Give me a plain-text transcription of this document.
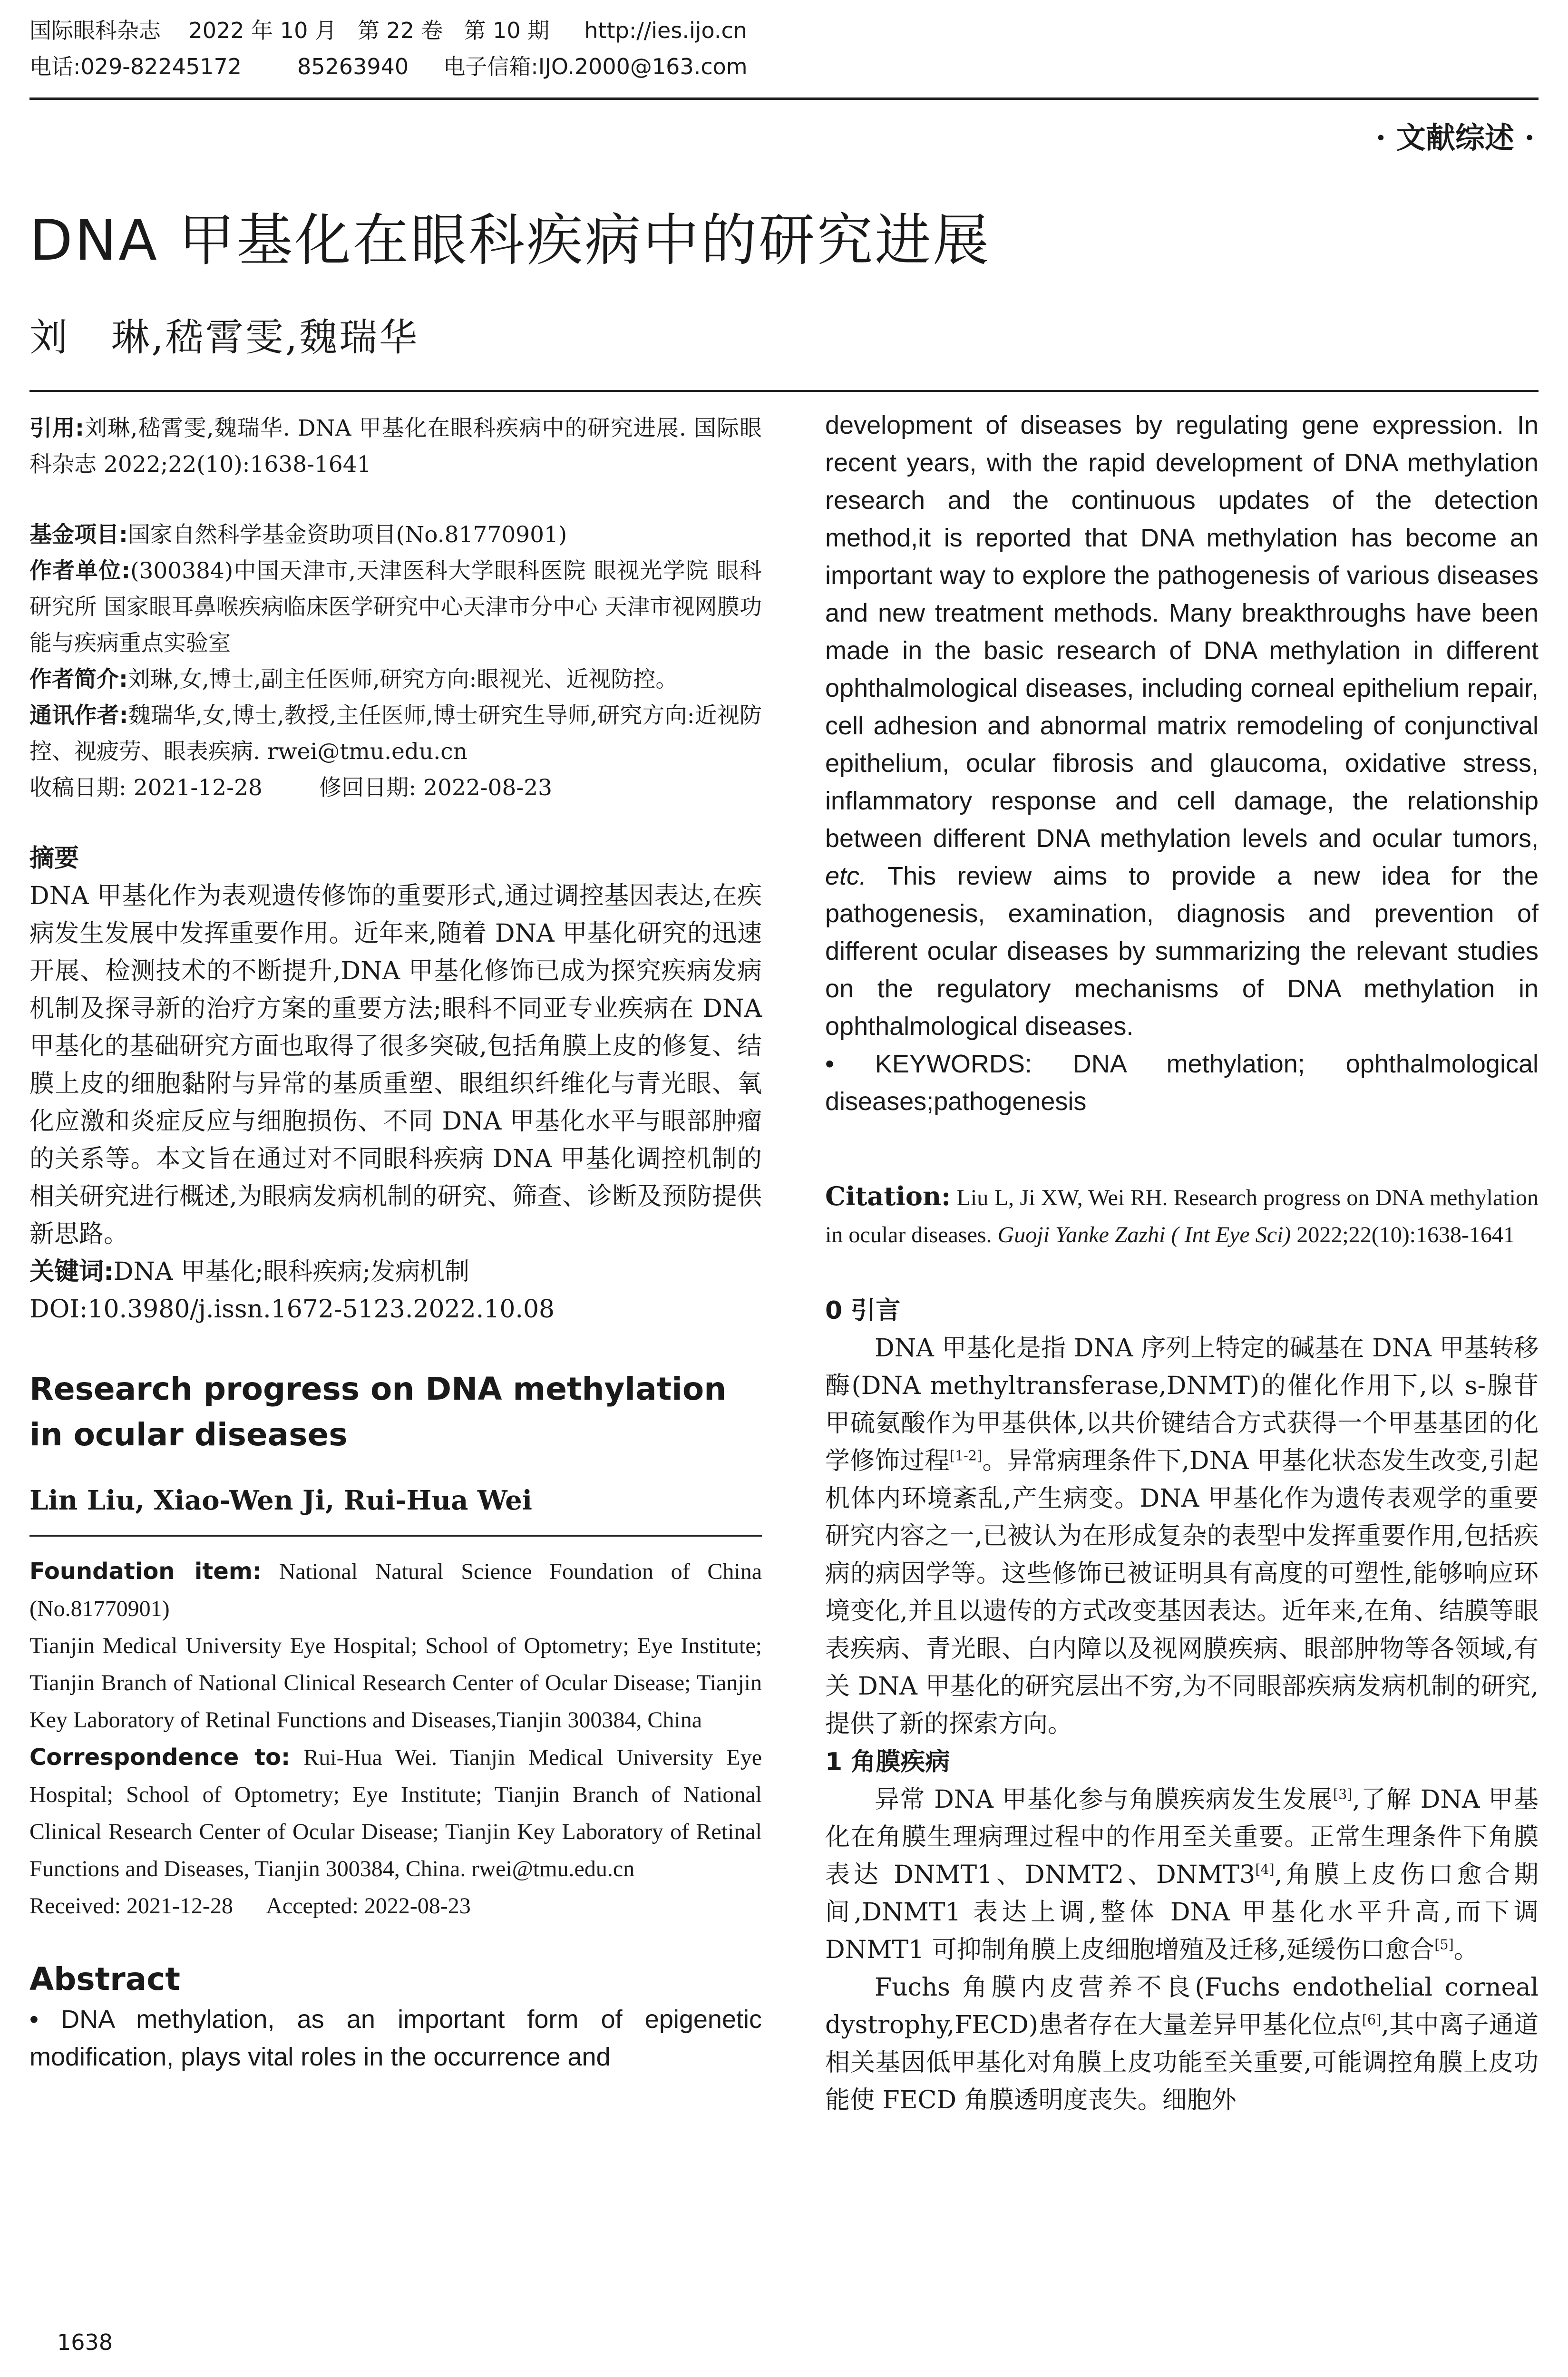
国际眼科杂志    2022 年 10 月   第 22 卷   第 10 期     http://ies.ijo.cn
电话:029-82245172        85263940     电子信箱:IJO.2000@163.com
· 文献综述 ·
DNA 甲基化在眼科疾病中的研究进展
刘   琳,嵇霄雯,魏瑞华

引用:刘琳,嵇霄雯,魏瑞华. DNA 甲基化在眼科疾病中的研究进展. 国际眼科杂志 2022;22(10):1638-1641

基金项目:国家自然科学基金资助项目(No.81770901)

作者单位:(300384)中国天津市,天津医科大学眼科医院 眼视光学院 眼科研究所 国家眼耳鼻喉疾病临床医学研究中心天津市分中心 天津市视网膜功能与疾病重点实验室

作者简介:刘琳,女,博士,副主任医师,研究方向:眼视光、近视防控。

通讯作者:魏瑞华,女,博士,教授,主任医师,博士研究生导师,研究方向:近视防控、视疲劳、眼表疾病. rwei@tmu.edu.cn

收稿日期: 2021-12-28        修回日期: 2022-08-23

摘要

DNA 甲基化作为表观遗传修饰的重要形式,通过调控基因表达,在疾病发生发展中发挥重要作用。近年来,随着 DNA 甲基化研究的迅速开展、检测技术的不断提升,DNA 甲基化修饰已成为探究疾病发病机制及探寻新的治疗方案的重要方法;眼科不同亚专业疾病在 DNA 甲基化的基础研究方面也取得了很多突破,包括角膜上皮的修复、结膜上皮的细胞黏附与异常的基质重塑、眼组织纤维化与青光眼、氧化应激和炎症反应与细胞损伤、不同 DNA 甲基化水平与眼部肿瘤的关系等。本文旨在通过对不同眼科疾病 DNA 甲基化调控机制的相关研究进行概述,为眼病发病机制的研究、筛查、诊断及预防提供新思路。

关键词:DNA 甲基化;眼科疾病;发病机制

DOI:10.3980/j.issn.1672-5123.2022.10.08

Research progress on DNA methylation in ocular diseases

Lin Liu, Xiao-Wen Ji, Rui-Hua Wei

Foundation item: National Natural Science Foundation of China (No.81770901)

Tianjin Medical University Eye Hospital; School of Optometry; Eye Institute; Tianjin Branch of National Clinical Research Center of Ocular Disease; Tianjin Key Laboratory of Retinal Functions and Diseases,Tianjin 300384, China

Correspondence to: Rui-Hua Wei. Tianjin Medical University Eye Hospital; School of Optometry; Eye Institute; Tianjin Branch of National Clinical Research Center of Ocular Disease; Tianjin Key Laboratory of Retinal Functions and Diseases, Tianjin 300384, China. rwei@tmu.edu.cn

Received: 2021-12-28      Accepted: 2022-08-23

Abstract

• DNA methylation, as an important form of epigenetic modification, plays vital roles in the occurrence and

development of diseases by regulating gene expression. In recent years, with the rapid development of DNA methylation research and the continuous updates of the detection method,it is reported that DNA methylation has become an important way to explore the pathogenesis of various diseases and new treatment methods. Many breakthroughs have been made in the basic research of DNA methylation in different ophthalmological diseases, including corneal epithelium repair, cell adhesion and abnormal matrix remodeling of conjunctival epithelium, ocular fibrosis and glaucoma, oxidative stress, inflammatory response and cell damage, the relationship between different DNA methylation levels and ocular tumors, etc. This review aims to provide a new idea for the pathogenesis, examination, diagnosis and prevention of different ocular diseases by summarizing the relevant studies on the regulatory mechanisms of DNA methylation in ophthalmological diseases.

• KEYWORDS: DNA methylation; ophthalmological diseases;pathogenesis

Citation: Liu L, Ji XW, Wei RH. Research progress on DNA methylation in ocular diseases. Guoji Yanke Zazhi ( Int Eye Sci) 2022;22(10):1638-1641

0 引言

DNA 甲基化是指 DNA 序列上特定的碱基在 DNA 甲基转移酶(DNA methyltransferase,DNMT)的催化作用下,以 s-腺苷甲硫氨酸作为甲基供体,以共价键结合方式获得一个甲基基团的化学修饰过程[1-2]。异常病理条件下,DNA 甲基化状态发生改变,引起机体内环境紊乱,产生病变。DNA 甲基化作为遗传表观学的重要研究内容之一,已被认为在形成复杂的表型中发挥重要作用,包括疾病的病因学等。这些修饰已被证明具有高度的可塑性,能够响应环境变化,并且以遗传的方式改变基因表达。近年来,在角、结膜等眼表疾病、青光眼、白内障以及视网膜疾病、眼部肿物等各领域,有关 DNA 甲基化的研究层出不穷,为不同眼部疾病发病机制的研究,提供了新的探索方向。

1 角膜疾病

异常 DNA 甲基化参与角膜疾病发生发展[3],了解 DNA 甲基化在角膜生理病理过程中的作用至关重要。正常生理条件下角膜表达 DNMT1、DNMT2、DNMT3[4],角膜上皮伤口愈合期间,DNMT1 表达上调,整体 DNA 甲基化水平升高,而下调 DNMT1 可抑制角膜上皮细胞增殖及迁移,延缓伤口愈合[5]。

Fuchs 角膜内皮营养不良(Fuchs endothelial corneal dystrophy,FECD)患者存在大量差异甲基化位点[6],其中离子通道相关基因低甲基化对角膜上皮功能至关重要,可能调控角膜上皮功能使 FECD 角膜透明度丧失。细胞外

1638
